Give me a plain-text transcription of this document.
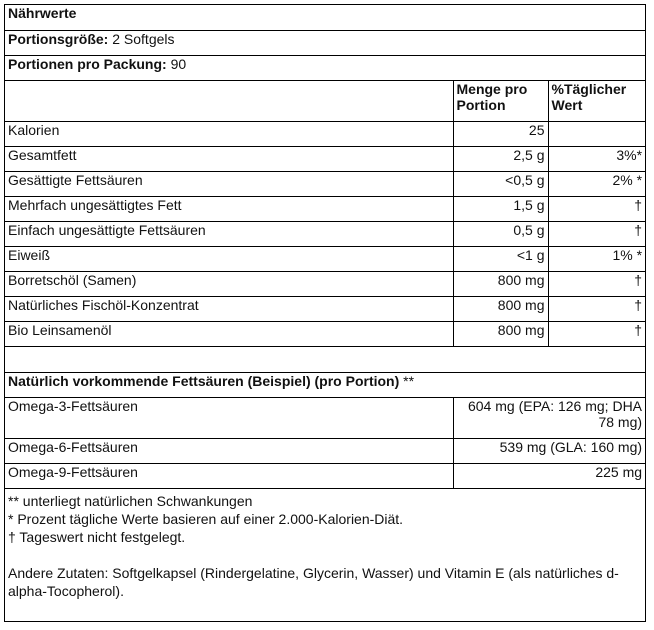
Nährwerte		
Portionsgröße: 2 Softgels		
Portionen pro Packung: 90		
	Menge pro Portion	%Täglicher Wert
Kalorien	25	
Gesamtfett	2,5 g	3%*
Gesättigte Fettsäuren	<0,5 g	2% *
Mehrfach ungesättigtes Fett	1,5 g	†
Einfach ungesättigte Fettsäuren	0,5 g	†
Eiweiß	<1 g	1% *
Borretschöl (Samen)	800 mg	†
Natürliches Fischöl-Konzentrat	800 mg	†
Bio Leinsamenöl	800 mg	†

Natürlich vorkommende Fettsäuren (Beispiel) (pro Portion) **		
Omega-3-Fettsäuren	604 mg (EPA: 126 mg; DHA 78 mg)	
Omega-6-Fettsäuren	539 mg (GLA: 160 mg)	
Omega-9-Fettsäuren	225 mg	

** unterliegt natürlichen Schwankungen

* Prozent tägliche Werte basieren auf einer 2.000-Kalorien-Diät.

† Tageswert nicht festgelegt.

Andere Zutaten: Softgelkapsel (Rindergelatine, Glycerin, Wasser) und Vitamin E (als natürliches d-alpha-Tocopherol).
